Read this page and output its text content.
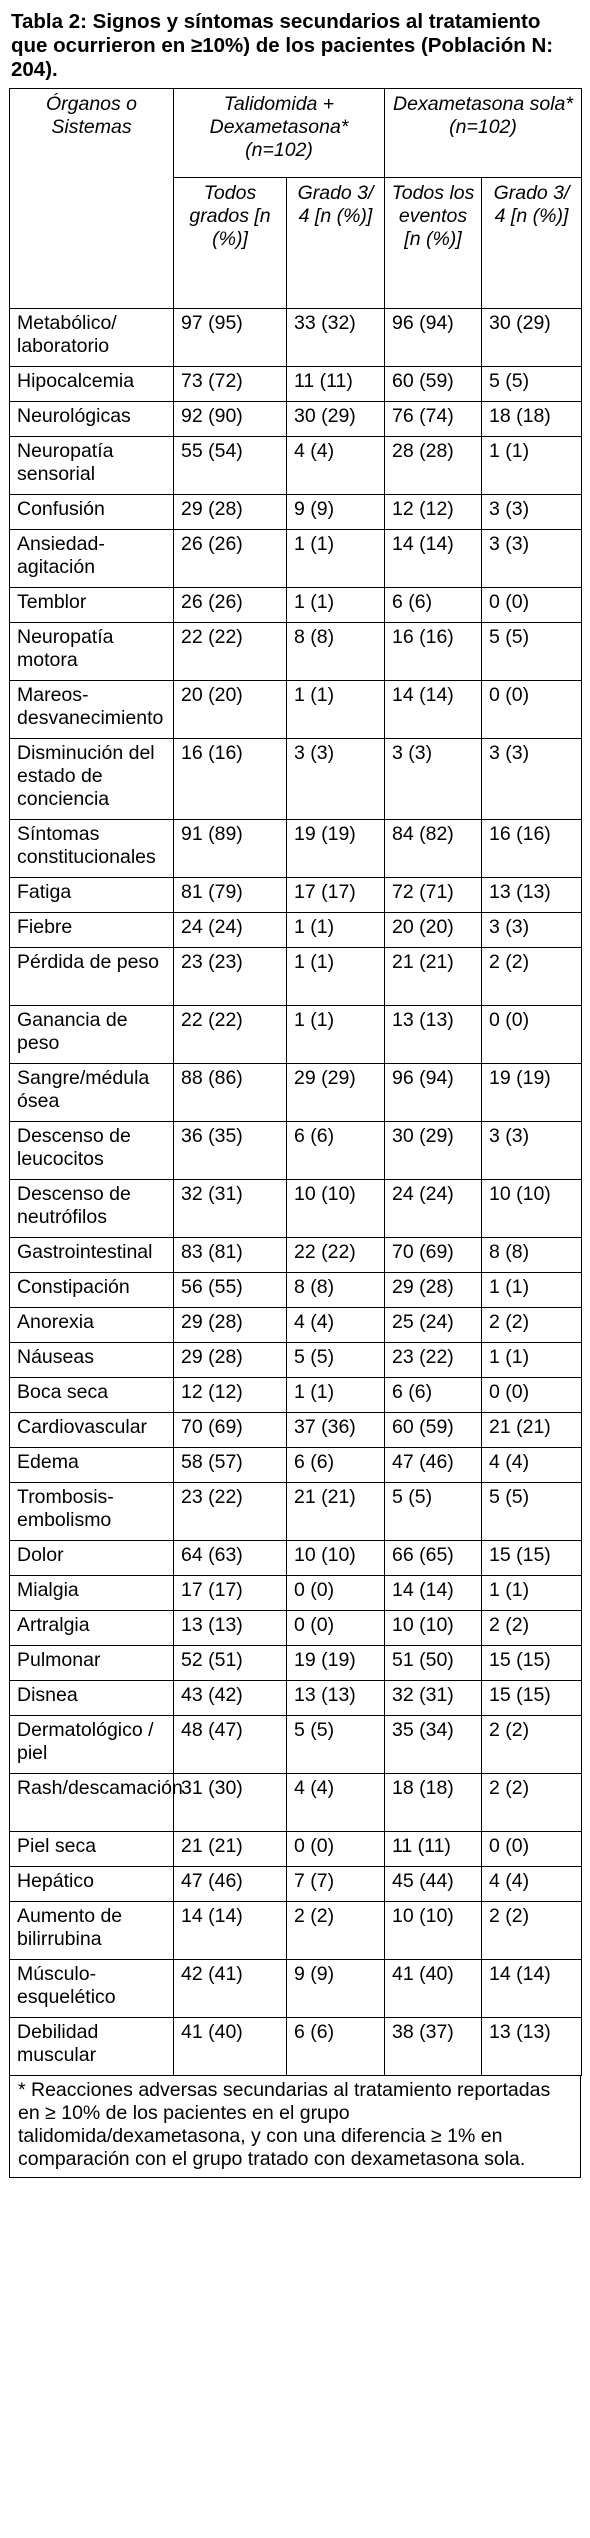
Tabla 2: Signos y síntomas secundarios al tratamiento que ocurrieron en ≥10%) de los pacientes (Población N: 204).
Órganos o Sistemas	Talidomida + Dexametasona* (n=102)		Dexametasona sola* (n=102)	
	Todos grados [n (%)]	Grado 3/ 4 [n (%)]	Todos los eventos [n (%)]	Grado 3/ 4 [n (%)]
Metabólico/ laboratorio	97 (95)	33 (32)	96 (94)	30 (29)
Hipocalcemia	73 (72)	11 (11)	60 (59)	5 (5)
Neurológicas	92 (90)	30 (29)	76 (74)	18 (18)
Neuropatía sensorial	55 (54)	4 (4)	28 (28)	1 (1)
Confusión	29 (28)	9 (9)	12 (12)	3 (3)
Ansiedad- agitación	26 (26)	1 (1)	14 (14)	3 (3)
Temblor	26 (26)	1 (1)	6 (6)	0 (0)
Neuropatía motora	22 (22)	8 (8)	16 (16)	5 (5)
Mareos-desvanecimiento	20 (20)	1 (1)	14 (14)	0 (0)
Disminución del estado de conciencia	16 (16)	3 (3)	3 (3)	3 (3)
Síntomas constitucionales	91 (89)	19 (19)	84 (82)	16 (16)
Fatiga	81 (79)	17 (17)	72 (71)	13 (13)
Fiebre	24 (24)	1 (1)	20 (20)	3 (3)
Pérdida de peso	23 (23)	1 (1)	21 (21)	2 (2)
Ganancia de peso	22 (22)	1 (1)	13 (13)	0 (0)
Sangre/médula ósea	88 (86)	29 (29)	96 (94)	19 (19)
Descenso de leucocitos	36 (35)	6 (6)	30 (29)	3 (3)
Descenso de neutrófilos	32 (31)	10 (10)	24 (24)	10 (10)
Gastrointestinal	83 (81)	22 (22)	70 (69)	8 (8)
Constipación	56 (55)	8 (8)	29 (28)	1 (1)
Anorexia	29 (28)	4 (4)	25 (24)	2 (2)
Náuseas	29 (28)	5 (5)	23 (22)	1 (1)
Boca seca	12 (12)	1 (1)	6 (6)	0 (0)
Cardiovascular	70 (69)	37 (36)	60 (59)	21 (21)
Edema	58 (57)	6 (6)	47 (46)	4 (4)
Trombosis-embolismo	23 (22)	21 (21)	5 (5)	5 (5)
Dolor	64 (63)	10 (10)	66 (65)	15 (15)
Mialgia	17 (17)	0 (0)	14 (14)	1 (1)
Artralgia	13 (13)	0 (0)	10 (10)	2 (2)
Pulmonar	52 (51)	19 (19)	51 (50)	15 (15)
Disnea	43 (42)	13 (13)	32 (31)	15 (15)
Dermatológico / piel	48 (47)	5 (5)	35 (34)	2 (2)
Rash/descamación	31 (30)	4 (4)	18 (18)	2 (2)
Piel seca	21 (21)	0 (0)	11 (11)	0 (0)
Hepático	47 (46)	7 (7)	45 (44)	4 (4)
Aumento de bilirrubina	14 (14)	2 (2)	10 (10)	2 (2)
Músculo-esquelético	42 (41)	9 (9)	41 (40)	14 (14)
Debilidad muscular	41 (40)	6 (6)	38 (37)	13 (13)
* Reacciones adversas secundarias al tratamiento reportadas en ≥ 10% de los pacientes en el grupo talidomida/dexametasona, y con una diferencia ≥ 1% en comparación con el grupo tratado con dexametasona sola.
